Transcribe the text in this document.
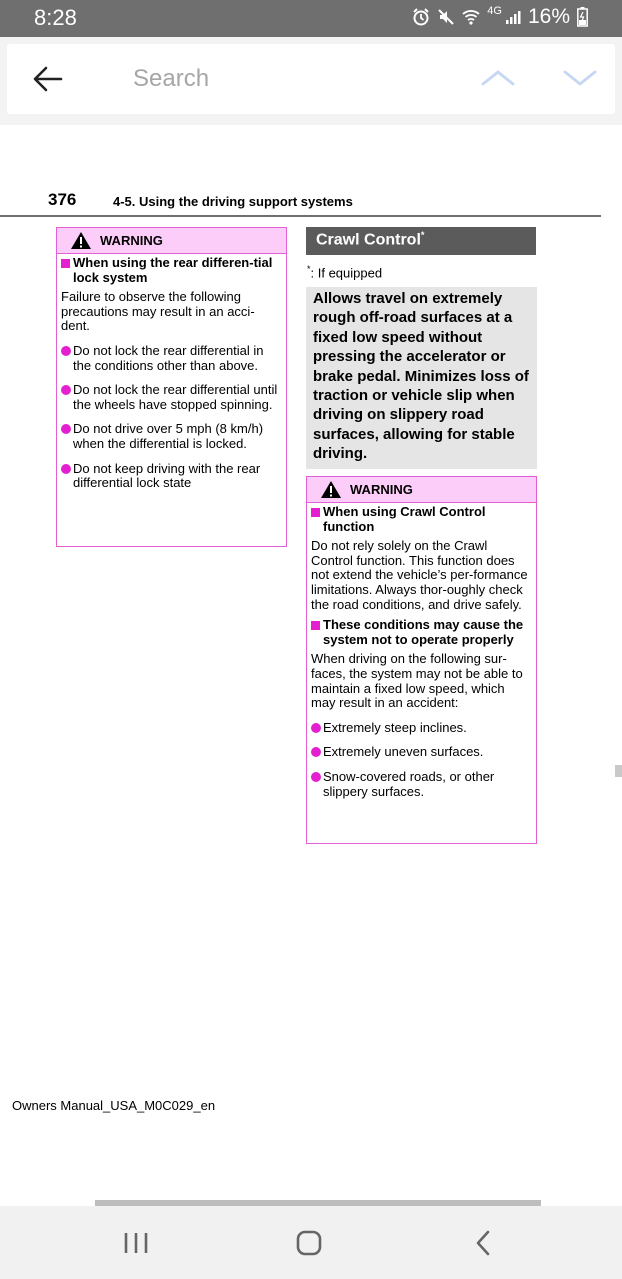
8:28	4G 16%
Search
376	4-5. Using the driving support systems
WARNING
When using the rear differen-tial lock system
Failure to observe the following precautions may result in an acci-dent.
Do not lock the rear differential in the conditions other than above.
Do not lock the rear differential until the wheels have stopped spinning.
Do not drive over 5 mph (8 km/h) when the differential is locked.
Do not keep driving with the rear differential lock state
Crawl Control*
*: If equipped
Allows travel on extremely rough off-road surfaces at a fixed low speed without pressing the accelerator or brake pedal. Minimizes loss of traction or vehicle slip when driving on slippery road surfaces, allowing for stable driving.
WARNING
When using Crawl Control function
Do not rely solely on the Crawl Control function. This function does not extend the vehicle’s per-formance limitations. Always thor-oughly check the road conditions, and drive safely.
These conditions may cause the system not to operate properly
When driving on the following sur-faces, the system may not be able to maintain a fixed low speed, which may result in an accident:
Extremely steep inclines.
Extremely uneven surfaces.
Snow-covered roads, or other slippery surfaces.
Owners Manual_USA_M0C029_en
